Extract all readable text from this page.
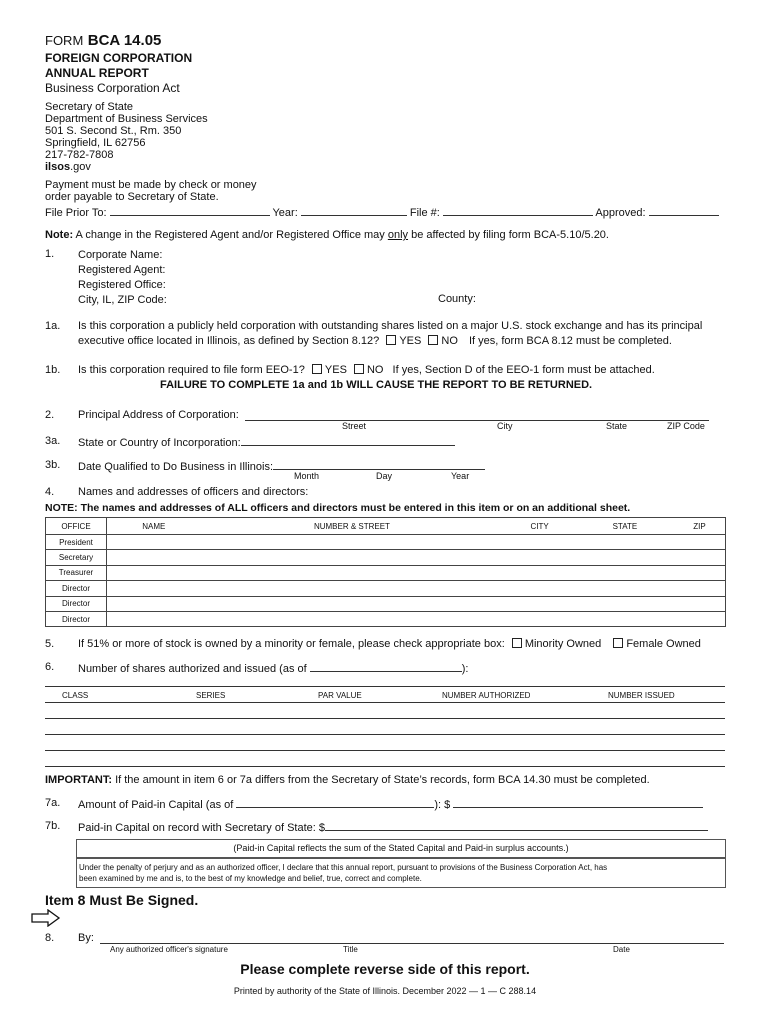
FORM BCA 14.05
FOREIGN CORPORATION
ANNUAL REPORT
Business Corporation Act
Secretary of State
Department of Business Services
501 S. Second St., Rm. 350
Springfield, IL 62756
217-782-7808
ilsos.gov
Payment must be made by check or money
order payable to Secretary of State.
File Prior To:	Year:	File #:	Approved:
Note: A change in the Registered Agent and/or Registered Office may only be affected by filing form BCA-5.10/5.20.
1. Corporate Name:
Registered Agent:
Registered Office:
City, IL, ZIP Code:	County:
1a. Is this corporation a publicly held corporation with outstanding shares listed on a major U.S. stock exchange and has its principal
executive office located in Illinois, as defined by Section 8.12? YES NO If yes, form BCA 8.12 must be completed.
1b. Is this corporation required to file form EEO-1? YES NO If yes, Section D of the EEO-1 form must be attached.
FAILURE TO COMPLETE 1a and 1b WILL CAUSE THE REPORT TO BE RETURNED.
2. Principal Address of Corporation:
Street	City	State	ZIP Code
3a. State or Country of Incorporation:
3b. Date Qualified to Do Business in Illinois:
Month	Day	Year
4. Names and addresses of officers and directors:
NOTE: The names and addresses of ALL officers and directors must be entered in this item or on an additional sheet.
OFFICE	NAME	NUMBER & STREET	CITY	STATE	ZIP
President					
Secretary					
Treasurer					
Director					
Director					
Director					
5. If 51% or more of stock is owned by a minority or female, please check appropriate box: Minority Owned Female Owned
6. Number of shares authorized and issued (as of	):
CLASS	SERIES	PAR VALUE	NUMBER AUTHORIZED	NUMBER ISSUED
IMPORTANT: If the amount in item 6 or 7a differs from the Secretary of State’s records, form BCA 14.30 must be completed.
7a. Amount of Paid-in Capital (as of	): $
7b. Paid-in Capital on record with Secretary of State: $
(Paid-in Capital reflects the sum of the Stated Capital and Paid-in surplus accounts.)
Under the penalty of perjury and as an authorized officer, I declare that this annual report, pursuant to provisions of the Business Corporation Act, has
been examined by me and is, to the best of my knowledge and belief, true, correct and complete.
Item 8 Must Be Signed.
8. By:
Any authorized officer's signature	Title	Date
Please complete reverse side of this report.
Printed by authority of the State of Illinois. December 2022 — 1 — C 288.14
